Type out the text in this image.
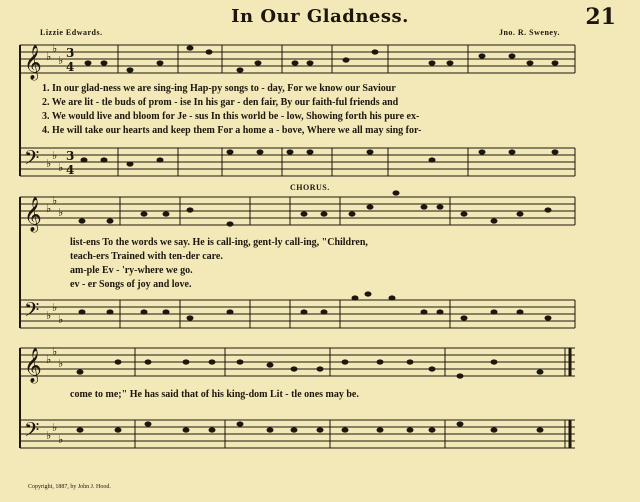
In Our Gladness.	21
Lizzie Edwards.	Jno. R. Sweney.
𝄞
𝄞
𝄞
𝄢
𝄢
𝄢
♭
♭
♭
♭
♭
♭
♭
♭
♭
♭
♭
♭
♭
♭
♭
♭
♭
♭
3
4
3
4
CHORUS.
1. In our glad-ness we are sing-ing Hap-py songs to - day, For we know our Saviour
2. We are lit - tle buds of prom - ise In his gar - den fair, By our faith-ful friends and
3. We would live and bloom for Je - sus In this world be - low, Showing forth his pure ex-
4. He will take our hearts and keep them For a home a - bove, Where we all may sing for-
list-ens To the words we say. He is call-ing, gent-ly call-ing, "Children,
teach-ers Trained with ten-der care.
am-ple Ev - 'ry-where we go.
ev - er Songs of joy and love.
come to me;" He has said that of his king-dom Lit - tle ones may be.
Copyright, 1887, by John J. Hood.
